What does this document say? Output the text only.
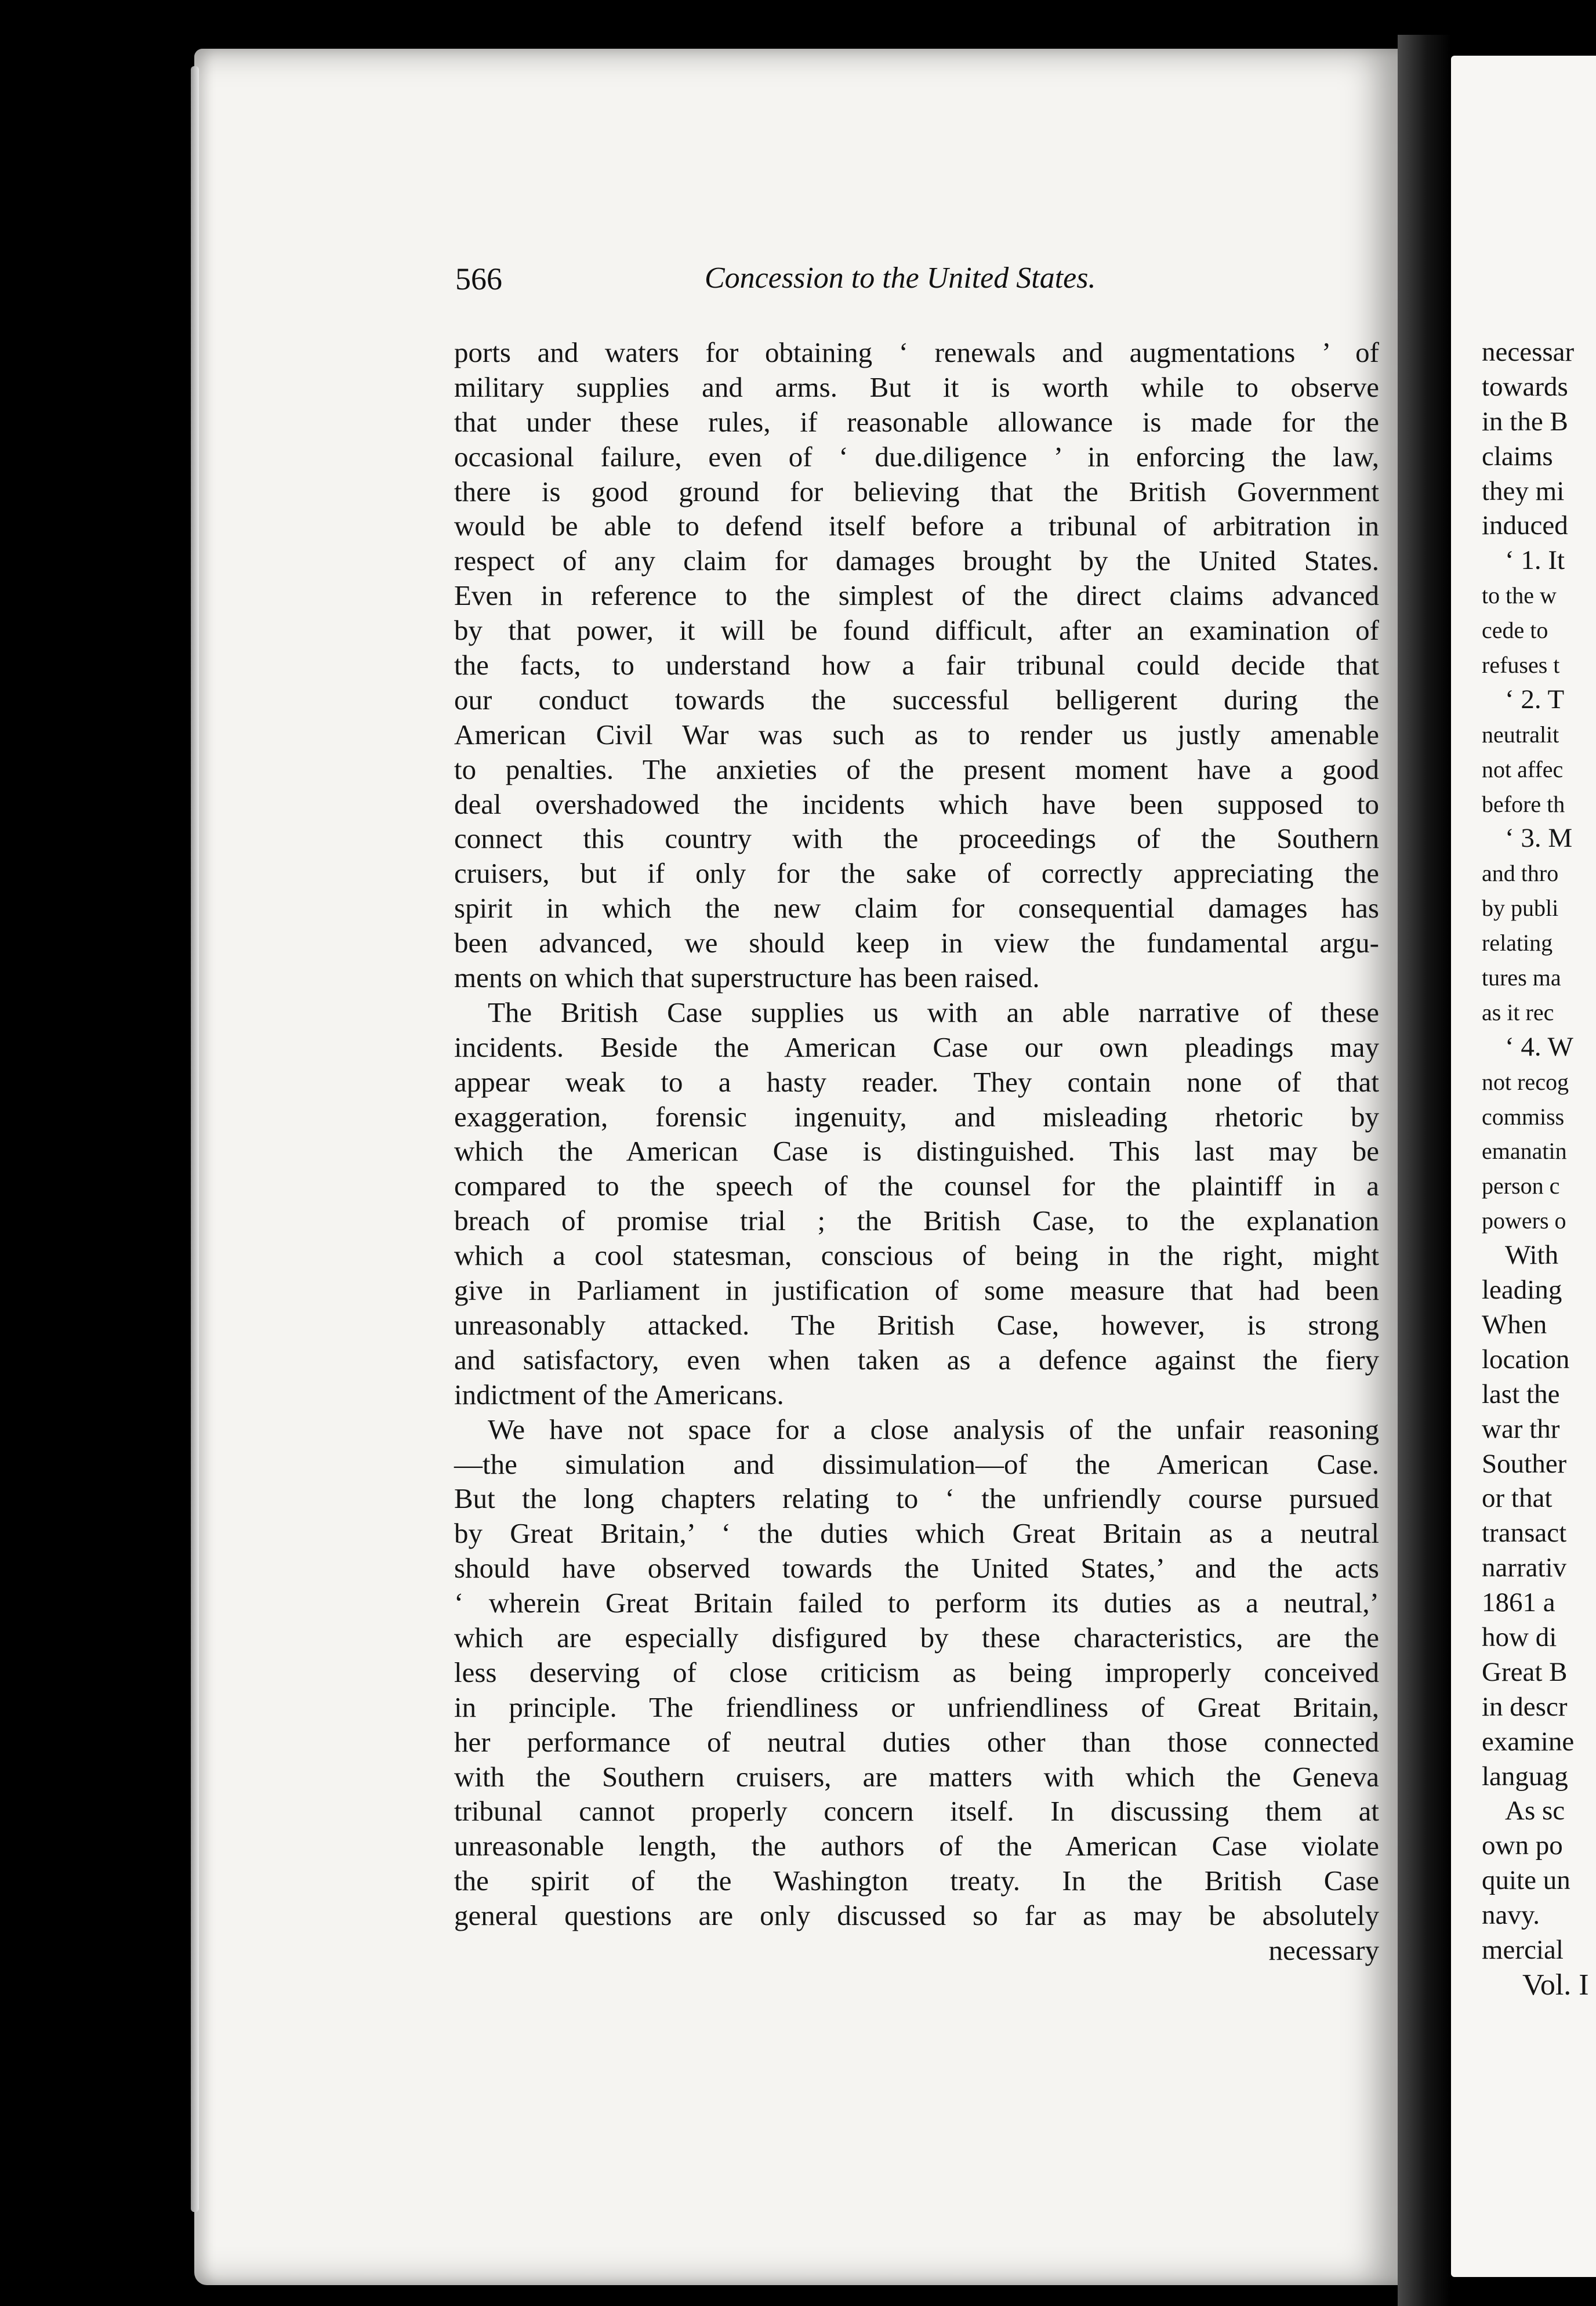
566	Concession to the United States.
ports and waters for obtaining ‘ renewals and augmentations ’ of
military supplies and arms. But it is worth while to observe
that under these rules, if reasonable allowance is made for the
occasional failure, even of ‘ due.diligence ’ in enforcing the law,
there is good ground for believing that the British Government
would be able to defend itself before a tribunal of arbitration in
respect of any claim for damages brought by the United States.
Even in reference to the simplest of the direct claims advanced
by that power, it will be found difficult, after an examination of
the facts, to understand how a fair tribunal could decide that
our conduct towards the successful belligerent during the
American Civil War was such as to render us justly amenable
to penalties. The anxieties of the present moment have a good
deal overshadowed the incidents which have been supposed to
connect this country with the proceedings of the Southern
cruisers, but if only for the sake of correctly appreciating the
spirit in which the new claim for consequential damages has
been advanced, we should keep in view the fundamental argu-
ments on which that superstructure has been raised.
The British Case supplies us with an able narrative of these
incidents. Beside the American Case our own pleadings may
appear weak to a hasty reader. They contain none of that
exaggeration, forensic ingenuity, and misleading rhetoric by
which the American Case is distinguished. This last may be
compared to the speech of the counsel for the plaintiff in a
breach of promise trial ; the British Case, to the explanation
which a cool statesman, conscious of being in the right, might
give in Parliament in justification of some measure that had been
unreasonably attacked. The British Case, however, is strong
and satisfactory, even when taken as a defence against the fiery
indictment of the Americans.
We have not space for a close analysis of the unfair reasoning
—the simulation and dissimulation—of the American Case.
But the long chapters relating to ‘ the unfriendly course pursued
by Great Britain,’ ‘ the duties which Great Britain as a neutral
should have observed towards the United States,’ and the acts
‘ wherein Great Britain failed to perform its duties as a neutral,’
which are especially disfigured by these characteristics, are the
less deserving of close criticism as being improperly conceived
in principle. The friendliness or unfriendliness of Great Britain,
her performance of neutral duties other than those connected
with the Southern cruisers, are matters with which the Geneva
tribunal cannot properly concern itself. In discussing them at
unreasonable length, the authors of the American Case violate
the spirit of the Washington treaty. In the British Case
general questions are only discussed so far as may be absolutely
necessary
necessar
towards
in the B
claims
they mi
induced
‘ 1. It
to the w
cede to
refuses t
‘ 2. T
neutralit
not affec
before th
‘ 3. M
and thro
by publi
relating
tures ma
as it rec
‘ 4. W
not recog
commiss
emanatin
person c
powers o
With
leading
When
location
last the
war thr
Souther
or that
transact
narrativ
1861 a
how di
Great B
in descr
examine
languag
As sc
own po
quite un
navy.
mercial
Vol. I
